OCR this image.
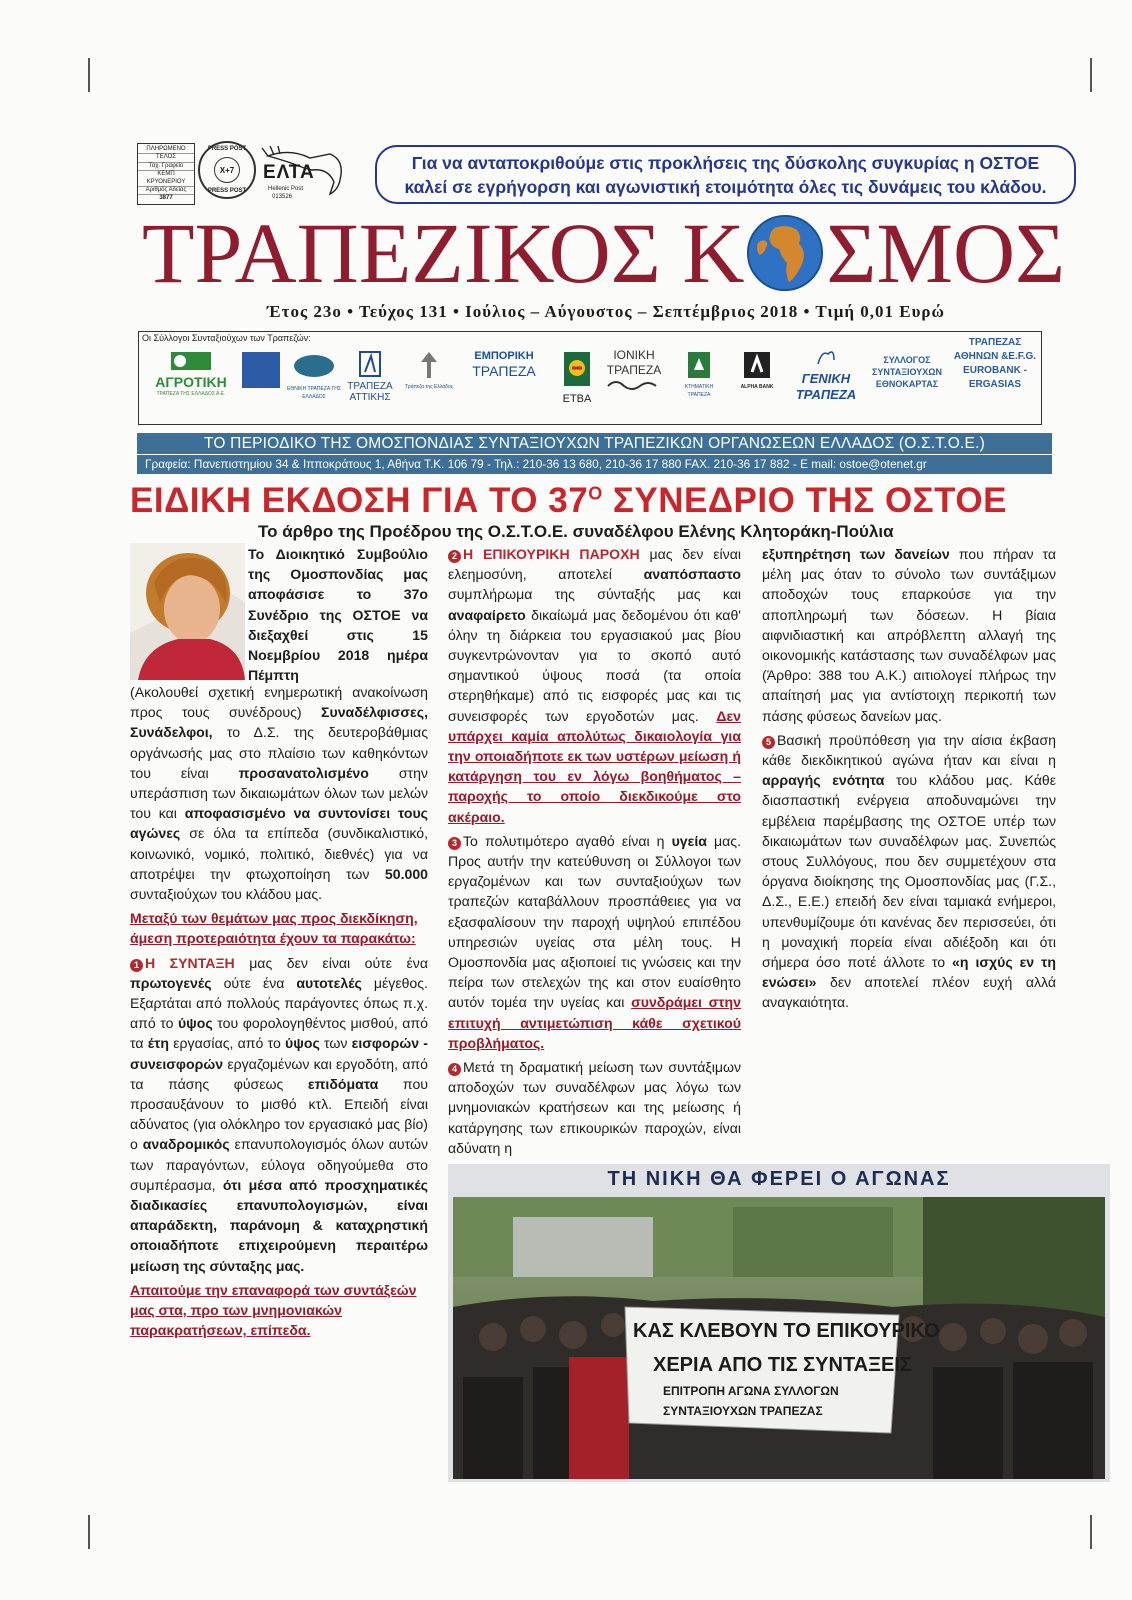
ΠΛΗΡΩΜΕΝΟ
ΤΕΛΟΣ
Ταχ. Γραφείο
ΚΕΜΠ ΚΡΥΟΝΕΡΙΟΥ
Αριθμός Αδείας
3877
PRESS POST
X+7
PRESS POST
ΕΛΤΑ
Hellenic Post
013526
Για να ανταποκριθούμε στις προκλήσεις της δύσκολης συγκυρίας η ΟΣΤΟΕ
καλεί σε εγρήγορση και αγωνιστική ετοιμότητα όλες τις δυνάμεις του κλάδου.
ΤΡΑΠΕΖΙΚΟΣ Κ ΣΜΟΣ
Έτος 23ο • Τεύχος 131 • Ιούλιος – Αύγουστος – Σεπτέμβριος 2018 • Τιμή 0,01 Ευρώ
Οι Σύλλογοι Συνταξιούχων των Τραπεζών:
ΑΓΡΟΤΙΚΗ
ΤΡΑΠΕΖΑ ΤΗΣ ΕΛΛΑΔΟΣ Α.Ε.
ΕΘΝΙΚΗ ΤΡΑΠΕΖΑ ΤΗΣ ΕΛΛΑΔΟΣ
ΤΡΑΠΕΖΑ ΑΤΤΙΚΗΣ
Τράπεζα της Ελλάδος
ΕΜΠΟΡΙΚΗ
ΤΡΑΠΕΖΑ
ΕΤΒΑ
ΙΟΝΙΚΗ
ΤΡΑΠΕΖΑ
ΚΤΗΜΑΤΙΚΗ ΤΡΑΠΕΖΑ
ALPHA BANK
ΓΕΝΙΚΗ
ΤΡΑΠΕΖΑ
ΣΥΛΛΟΓΟΣ ΣΥΝΤΑΞΙΟΥΧΩΝ ΕΘΝΟΚΑΡΤΑΣ
ΤΡΑΠΕΖΑΣ ΑΘΗΝΩΝ &E.F.G. EUROBANK - ERGASIAS
ΤΟ ΠΕΡΙΟΔΙΚΟ ΤΗΣ ΟΜΟΣΠΟΝΔΙΑΣ ΣΥΝΤΑΞΙΟΥΧΩΝ ΤΡΑΠΕΖΙΚΩΝ ΟΡΓΑΝΩΣΕΩΝ ΕΛΛΑΔΟΣ (Ο.Σ.Τ.Ο.Ε.)
Γραφεία: Πανεπιστημίου 34 & Ιπποκράτους 1, Αθήνα Τ.Κ. 106 79 - Τηλ.: 210-36 13 680, 210-36 17 880 FAX. 210-36 17 882 - E mail: ostoe@otenet.gr
ΕΙΔΙΚΗ ΕΚΔΟΣΗ ΓΙΑ ΤΟ $37^O$ ΣΥΝΕΔΡΙΟ ΤΗΣ ΟΣΤΟΕ
Το άρθρο της Προέδρου της Ο.Σ.Τ.Ο.Ε. συναδέλφου Ελένης Κλητοράκη-Πούλια

Το Διοικητικό Συμβούλιο της Ομοσπονδίας μας αποφάσισε το 37ο Συνέδριο της ΟΣΤΟΕ να διεξαχθεί στις 15 Νοεμβρίου 2018 ημέρα Πέμπτη

(Ακολουθεί σχετική ενημερωτική ανακοίνωση προς τους συνέδρους) Συναδέλφισσες, Συνάδελφοι, το Δ.Σ. της δευτεροβάθμιας οργάνωσής μας στο πλαίσιο των καθηκόντων του είναι προσανατολισμένο στην υπεράσπιση των δικαιωμάτων όλων των μελών του και αποφασισμένο να συντονίσει τους αγώνες σε όλα τα επίπεδα (συνδικαλιστικό, κοινωνικό, νομικό, πολιτικό, διεθνές) για να αποτρέψει την φτωχοποίηση των 50.000 συνταξιούχων του κλάδου μας.

Μεταξύ των θεμάτων μας προς διεκδίκηση, άμεση προτεραιότητα έχουν τα παρακάτω:

1 Η ΣΥΝΤΑΞΗ μας δεν είναι ούτε ένα πρωτογενές ούτε ένα αυτοτελές μέγεθος. Εξαρτάται από πολλούς παράγοντες όπως π.χ. από το ύψος του φορολογηθέντος μισθού, από τα έτη εργασίας, από το ύψος των εισφορών - συνεισφορών εργαζομένων και εργοδότη, από τα πάσης φύσεως επιδόματα που προσαυξάνουν το μισθό κτλ. Επειδή είναι αδύνατος (για ολόκληρο τον εργασιακό μας βίο) ο αναδρομικός επανυπολογισμός όλων αυτών των παραγόντων, εύλογα οδηγούμεθα στο συμπέρασμα, ότι μέσα από προσχηματικές διαδικασίες επανυπολογισμών, είναι απαράδεκτη, παράνομη & καταχρηστική οποιαδήποτε επιχειρούμενη περαιτέρω μείωση της σύνταξης μας.

Απαιτούμε την επαναφορά των συντάξεών μας στα, προ των μνημονιακών παρακρατήσεων, επίπεδα.

2 Η ΕΠΙΚΟΥΡΙΚΗ ΠΑΡΟΧΗ μας δεν είναι ελεημοσύνη, αποτελεί αναπόσπαστο συμπλήρωμα της σύνταξής μας και αναφαίρετο δικαίωμά μας δεδομένου ότι καθ' όλην τη διάρκεια του εργασιακού μας βίου συγκεντρώνονταν για το σκοπό αυτό σημαντικού ύψους ποσά (τα οποία στερηθήκαμε) από τις εισφορές μας και τις συνεισφορές των εργοδοτών μας. Δεν υπάρχει καμία απολύτως δικαιολογία για την οποιαδήποτε εκ των υστέρων μείωση ή κατάργηση του εν λόγω βοηθήματος – παροχής το οποίο διεκδικούμε στο ακέραιο.

3 Το πολυτιμότερο αγαθό είναι η υγεία μας. Προς αυτήν την κατεύθυνση οι Σύλλογοι των εργαζομένων και των συνταξιούχων των τραπεζών καταβάλλουν προσπάθειες για να εξασφαλίσουν την παροχή υψηλού επιπέδου υπηρεσιών υγείας στα μέλη τους. Η Ομοσπονδία μας αξιοποιεί τις γνώσεις και την πείρα των στελεχών της και στον ευαίσθητο αυτόν τομέα την υγείας και συνδράμει στην επιτυχή αντιμετώπιση κάθε σχετικού προβλήματος.

4 Μετά τη δραματική μείωση των συντάξιμων αποδοχών των συναδέλφων μας λόγω των μνημονιακών κρατήσεων και της μείωσης ή κατάργησης των επικουρικών παροχών, είναι αδύνατη η

εξυπηρέτηση των δανείων που πήραν τα μέλη μας όταν το σύνολο των συντάξιμων αποδοχών τους επαρκούσε για την αποπληρωμή των δόσεων. Η βίαια αιφνιδιαστική και απρόβλεπτη αλλαγή της οικονομικής κατάστασης των συναδέλφων μας (Άρθρο: 388 του Α.Κ.) αιτιολογεί πλήρως την απαίτησή μας για αντίστοιχη περικοπή των πάσης φύσεως δανείων μας.

5 Βασική προϋπόθεση για την αίσια έκβαση κάθε διεκδικητικού αγώνα ήταν και είναι η αρραγής ενότητα του κλάδου μας. Κάθε διασπαστική ενέργεια αποδυναμώνει την εμβέλεια παρέμβασης της ΟΣΤΟΕ υπέρ των δικαιωμάτων των συναδέλφων μας. Συνεπώς στους Συλλόγους, που δεν συμμετέχουν στα όργανα διοίκησης της Ομοσπονδίας μας (Γ.Σ., Δ.Σ., Ε.Ε.) επειδή δεν είναι ταμιακά ενήμεροι, υπενθυμίζουμε ότι κανένας δεν περισσεύει, ότι η μοναχική πορεία είναι αδιέξοδη και ότι σήμερα όσο ποτέ άλλοτε το «η ισχύς εν τη ενώσει» δεν αποτελεί πλέον ευχή αλλά αναγκαιότητα.

ΤΗ ΝΙΚΗ ΘΑ ΦΕΡΕΙ Ο ΑΓΩΝΑΣ
ΚΑΣ ΚΛΕΒΟΥΝ ΤΟ ΕΠΙΚΟΥΡΙΚΟ
ΧΕΡΙΑ ΑΠΟ ΤΙΣ ΣΥΝΤΑΞΕΙΣ
ΕΠΙΤΡΟΠΗ ΑΓΩΝΑ ΣΥΛΛΟΓΩΝ
ΣΥΝΤΑΞΙΟΥΧΩΝ ΤΡΑΠΕΖΑΣ
